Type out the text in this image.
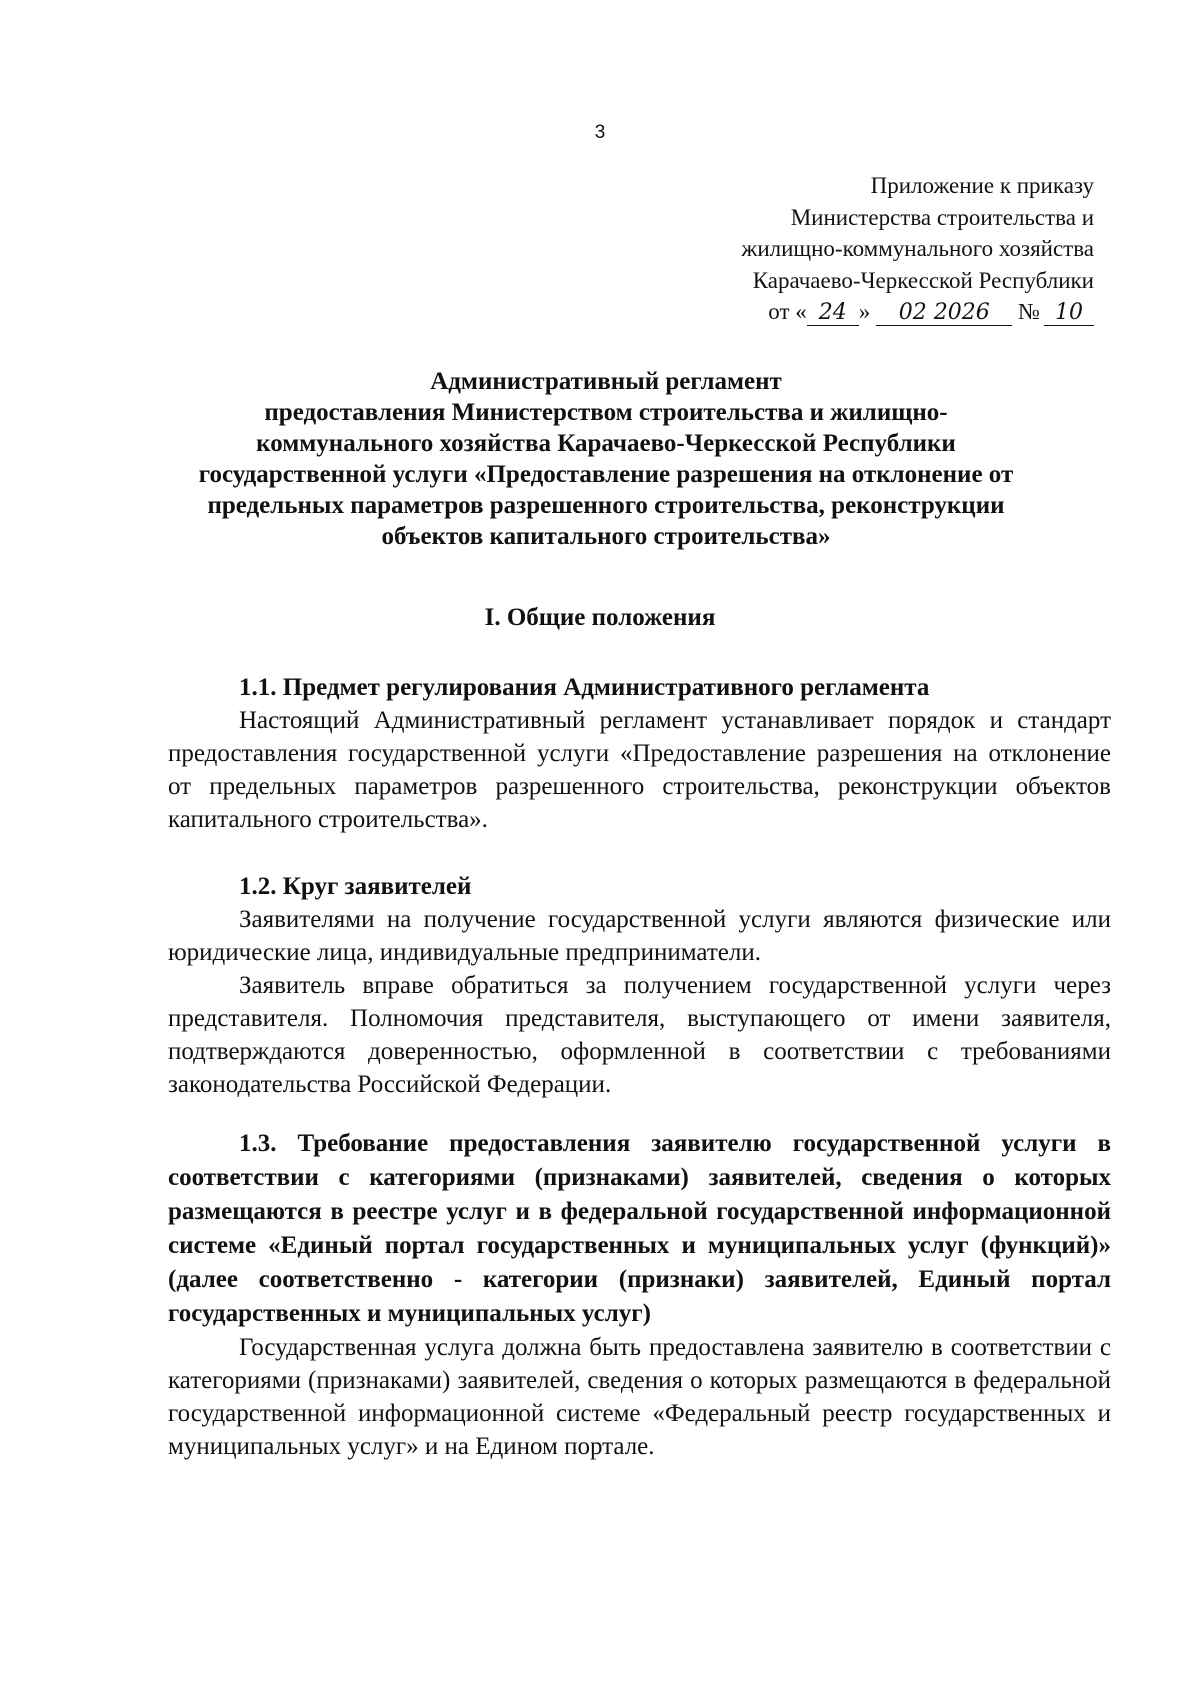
3
Приложение к приказу
Министерства строительства и
жилищно-коммунального хозяйства
Карачаево-Черкесской Республики
от « 24 » 02 2026 № 10
Административный регламент
предоставления Министерством строительства и жилищно-
коммунального хозяйства Карачаево-Черкесской Республики
государственной услуги «Предоставление разрешения на отклонение от
предельных параметров разрешенного строительства, реконструкции
объектов капитального строительства»
I. Общие положения
1.1. Предмет регулирования Административного регламента
Настоящий Административный регламент устанавливает порядок и стандарт предоставления государственной услуги «Предоставление разрешения на отклонение от предельных параметров разрешенного строительства, реконструкции объектов капитального строительства».
1.2. Круг заявителей
Заявителями на получение государственной услуги являются физические или юридические лица, индивидуальные предприниматели.
Заявитель вправе обратиться за получением государственной услуги через представителя. Полномочия представителя, выступающего от имени заявителя, подтверждаются доверенностью, оформленной в соответствии с требованиями законодательства Российской Федерации.
1.3. Требование предоставления заявителю государственной услуги в соответствии с категориями (признаками) заявителей, сведения о которых размещаются в реестре услуг и в федеральной государственной информационной системе «Единый портал государственных и муниципальных услуг (функций)» (далее соответственно - категории (признаки) заявителей, Единый портал государственных и муниципальных услуг)
Государственная услуга должна быть предоставлена заявителю в соответствии с категориями (признаками) заявителей, сведения о которых размещаются в федеральной государственной информационной системе «Федеральный реестр государственных и муниципальных услуг» и на Едином портале.
